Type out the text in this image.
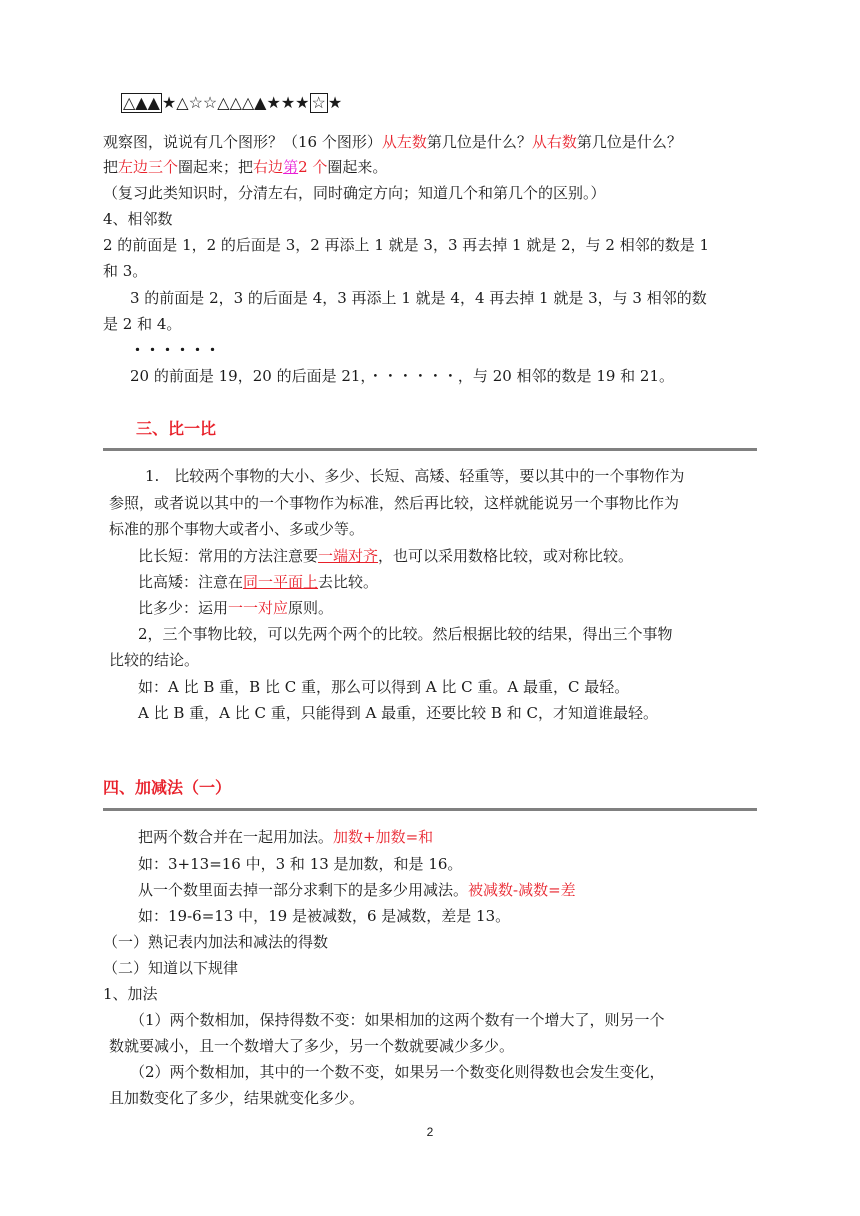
△▲▲ ★△☆☆△△△▲★★★ ☆ ★
观察图，说说有几个图形？（16 个图形）从左数第几位是什么？从右数第几位是什么？
把左边三个圈起来；把右边第2 个圈起来。
（复习此类知识时，分清左右，同时确定方向；知道几个和第几个的区别。）
4、相邻数
2 的前面是 1，2 的后面是 3，2 再添上 1 就是 3，3 再去掉 1 就是 2，与 2 相邻的数是 1
和 3。
3 的前面是 2，3 的后面是 4，3 再添上 1 就是 4，4 再去掉 1 就是 3，与 3 相邻的数
是 2 和 4。
・・・・・・
20 的前面是 19，20 的后面是 21，・・・・・・，与 20 相邻的数是 19 和 21。
三、比一比
1.　比较两个事物的大小、多少、长短、高矮、轻重等，要以其中的一个事物作为
参照，或者说以其中的一个事物作为标准，然后再比较，这样就能说另一个事物比作为
标准的那个事物大或者小、多或少等。
比长短：常用的方法注意要一端对齐，也可以采用数格比较，或对称比较。
比高矮：注意在同一平面上去比较。
比多少：运用一一对应原则。
2，三个事物比较，可以先两个两个的比较。然后根据比较的结果，得出三个事物
比较的结论。
如：A 比 B 重，B 比 C 重，那么可以得到 A 比 C 重。A 最重，C 最轻。
A 比 B 重，A 比 C 重，只能得到 A 最重，还要比较 B 和 C，才知道谁最轻。
四、加减法（一）
把两个数合并在一起用加法。加数+加数=和
如：3+13=16 中，3 和 13 是加数，和是 16。
从一个数里面去掉一部分求剩下的是多少用减法。被减数-减数=差
如：19-6=13 中，19 是被减数，6 是减数，差是 13。
（一）熟记表内加法和减法的得数
（二）知道以下规律
1、加法
（1）两个数相加，保持得数不变：如果相加的这两个数有一个增大了，则另一个
数就要减小，且一个数增大了多少，另一个数就要减少多少。
（2）两个数相加，其中的一个数不变，如果另一个数变化则得数也会发生变化，
且加数变化了多少，结果就变化多少。
2
